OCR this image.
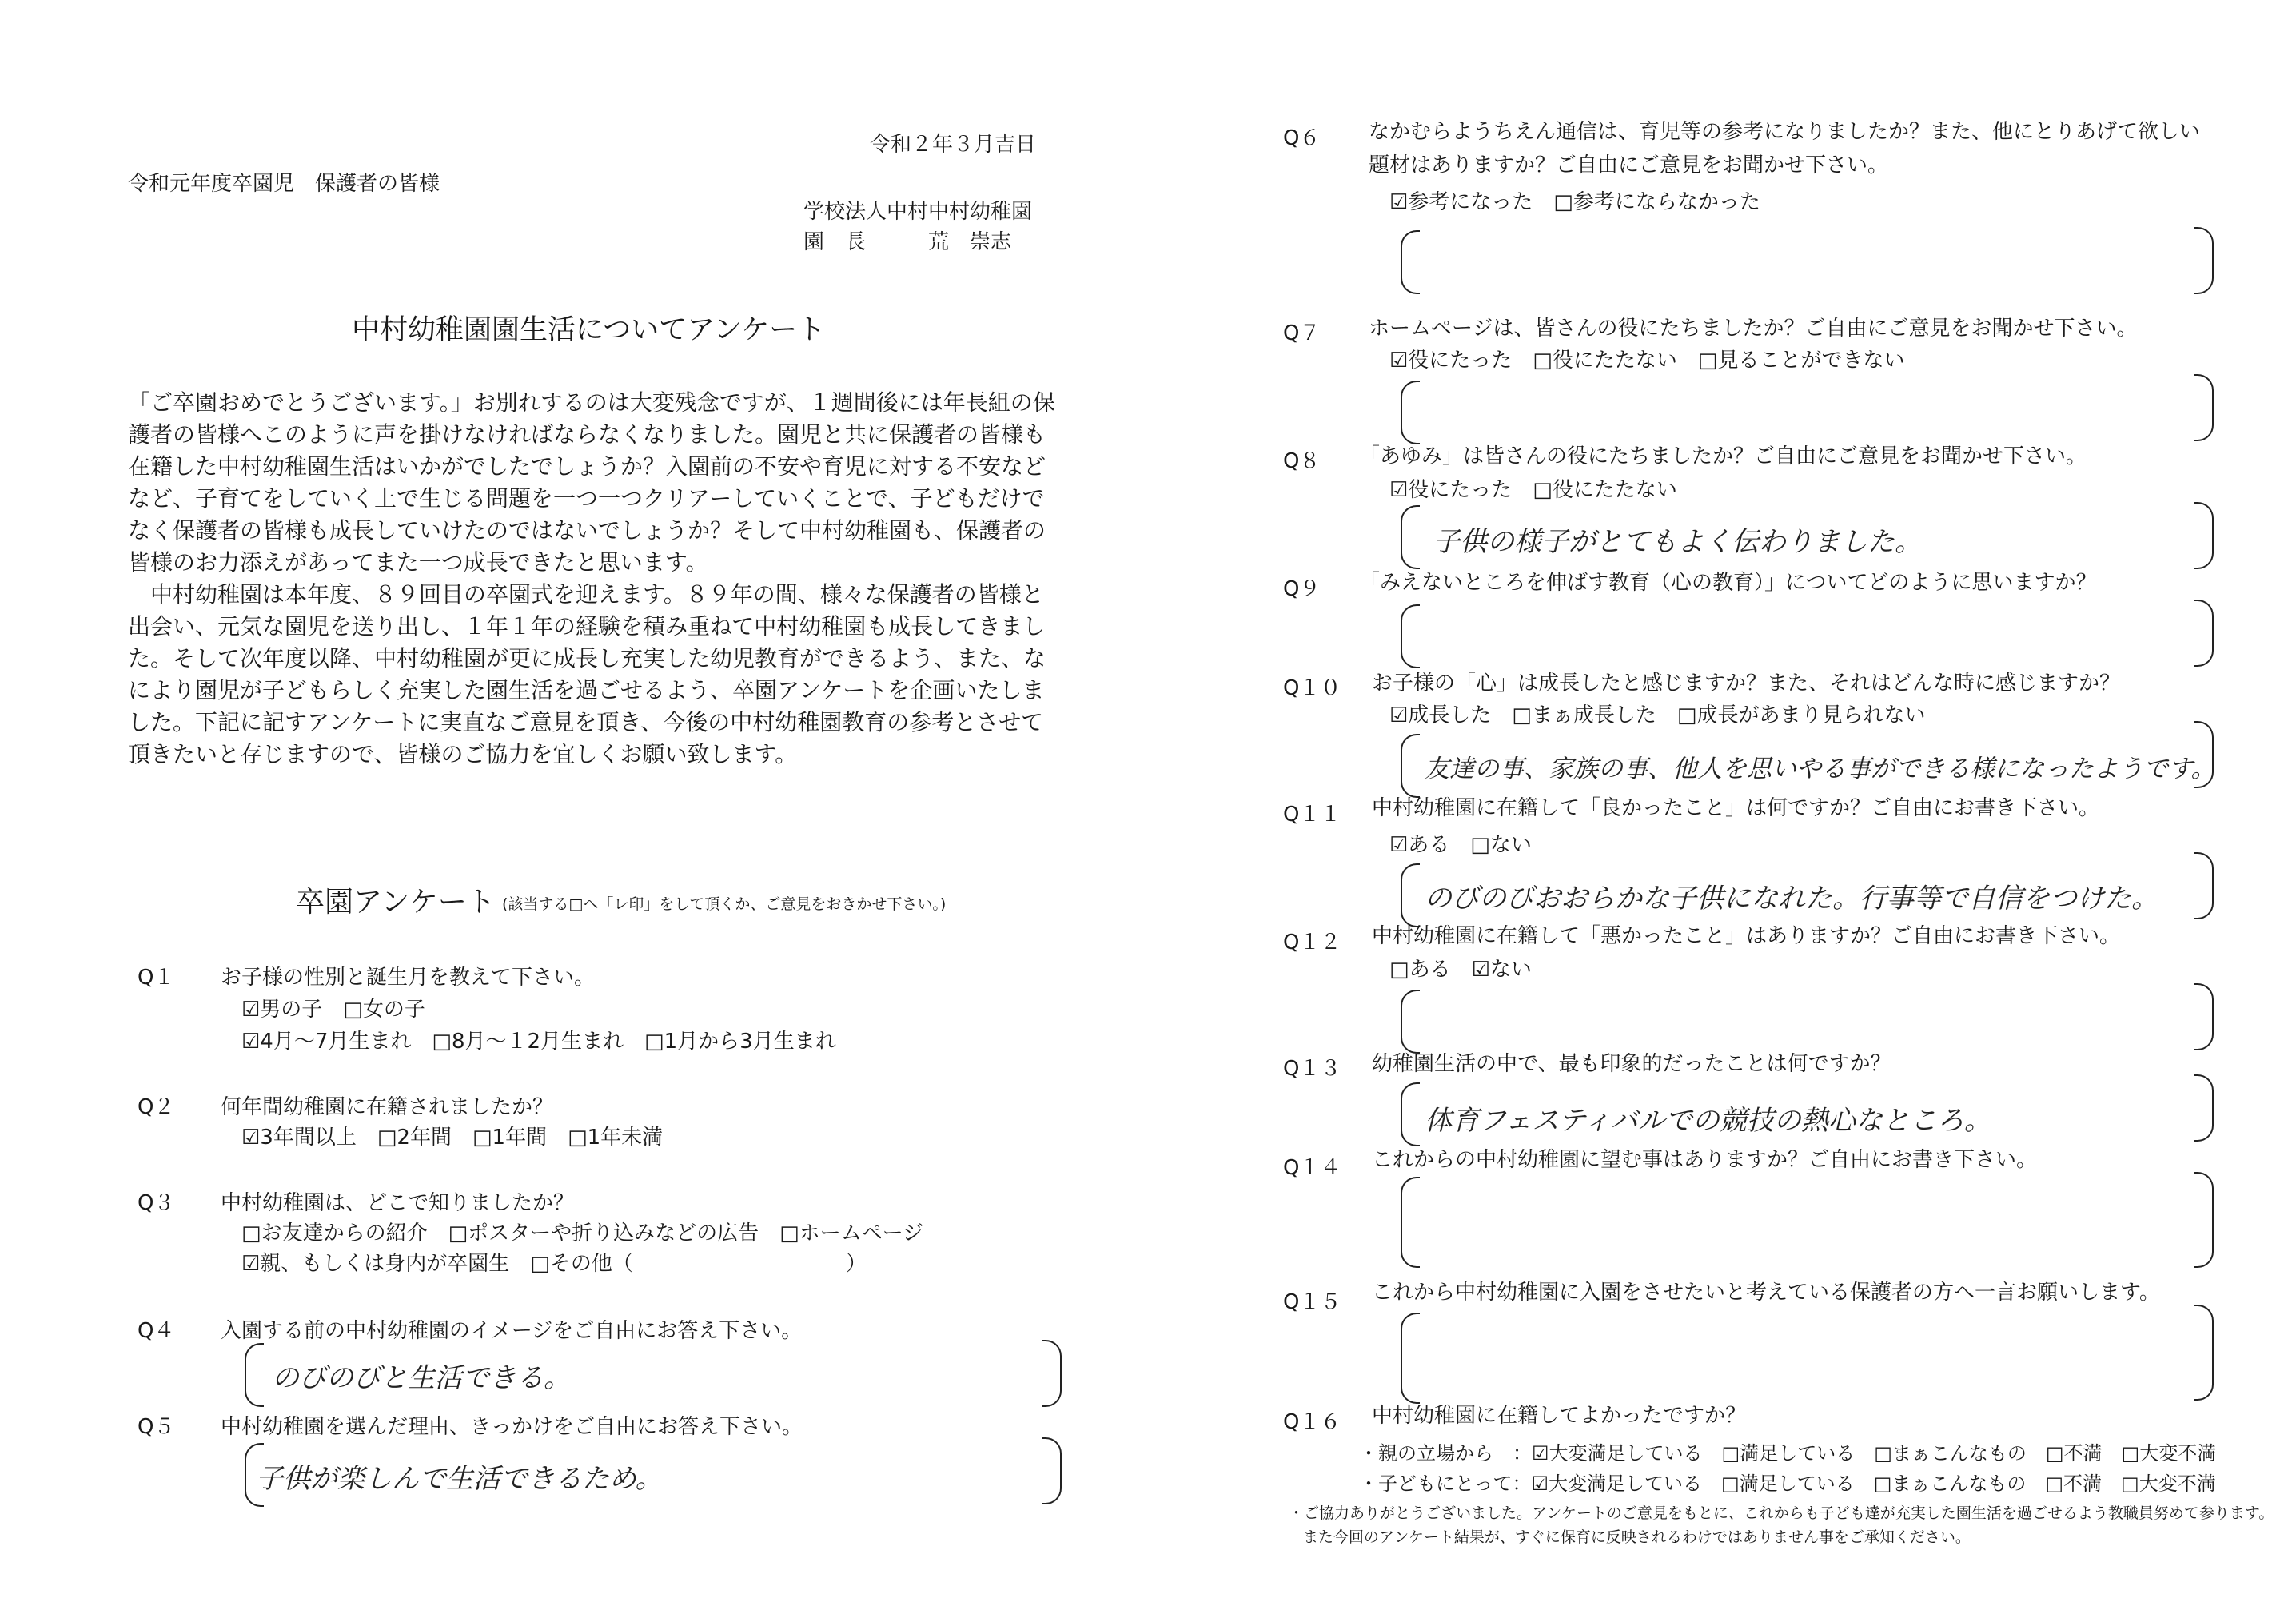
令和２年３月吉日
令和元年度卒園児　保護者の皆様
学校法人中村中村幼稚園
園　長　　　荒　崇志
中村幼稚園園生活についてアンケート

「ご卒園おめでとうございます。」お別れするのは大変残念ですが、１週間後には年長組の保護者の皆様へこのように声を掛けなければならなくなりました。園児と共に保護者の皆様も在籍した中村幼稚園生活はいかがでしたでしょうか？入園前の不安や育児に対する不安などなど、子育てをしていく上で生じる問題を一つ一つクリアーしていくことで、子どもだけでなく保護者の皆様も成長していけたのではないでしょうか？そして中村幼稚園も、保護者の皆様のお力添えがあってまた一つ成長できたと思います。

中村幼稚園は本年度、８９回目の卒園式を迎えます。８９年の間、様々な保護者の皆様と出会い、元気な園児を送り出し、１年１年の経験を積み重ねて中村幼稚園も成長してきました。そして次年度以降、中村幼稚園が更に成長し充実した幼児教育ができるよう、また、なにより園児が子どもらしく充実した園生活を過ごせるよう、卒園アンケートを企画いたしました。下記に記すアンケートに実直なご意見を頂き、今後の中村幼稚園教育の参考とさせて頂きたいと存じますので、皆様のご協力を宜しくお願い致します。

卒園アンケート (該当する□へ「レ印」をして頂くか、ご意見をおきかせ下さい。)
Q１ お子様の性別と誕生月を教えて下さい。
☑男の子　□女の子
☑4月～7月生まれ　□8月～１2月生まれ　□1月から3月生まれ
Q２ 何年間幼稚園に在籍されましたか？
☑3年間以上　□2年間　□1年間　□1年未満
Q３ 中村幼稚園は、どこで知りましたか？
□お友達からの紹介　□ポスターや折り込みなどの広告　□ホームページ
☑親、もしくは身内が卒園生　□その他（	）
Q４ 入園する前の中村幼稚園のイメージをご自由にお答え下さい。
のびのびと生活できる。
Q５ 中村幼稚園を選んだ理由、きっかけをご自由にお答え下さい。
子供が楽しんで生活できるため。
Q６ なかむらようちえん通信は、育児等の参考になりましたか？また、他にとりあげて欲しい
題材はありますか？ご自由にご意見をお聞かせ下さい。
☑参考になった　□参考にならなかった
Q７ ホームページは、皆さんの役にたちましたか？ご自由にご意見をお聞かせ下さい。
☑役にたった　□役にたたない　□見ることができない
Q８ 「あゆみ」は皆さんの役にたちましたか？ご自由にご意見をお聞かせ下さい。
☑役にたった　□役にたたない
子供の様子がとてもよく伝わりました。
Q９ 「みえないところを伸ばす教育（心の教育）」についてどのように思いますか？
Q１０ お子様の「心」は成長したと感じますか？また、それはどんな時に感じますか？
☑成長した　□まぁ成長した　□成長があまり見られない
友達の事、家族の事、他人を思いやる事ができる様になったようです。
Q１１ 中村幼稚園に在籍して「良かったこと」は何ですか？ご自由にお書き下さい。
☑ある　□ない
のびのびおおらかな子供になれた。行事等で自信をつけた。
Q１２ 中村幼稚園に在籍して「悪かったこと」はありますか？ご自由にお書き下さい。
□ある　☑ない
Q１３ 幼稚園生活の中で、最も印象的だったことは何ですか？
体育フェスティバルでの競技の熱心なところ。
Q１４ これからの中村幼稚園に望む事はありますか？ご自由にお書き下さい。
Q１５ これから中村幼稚園に入園をさせたいと考えている保護者の方へ一言お願いします。
Q１６ 中村幼稚園に在籍してよかったですか？
・親の立場から　：☑大変満足している　□満足している　□まぁこんなもの　□不満　□大変不満
・子どもにとって：☑大変満足している　□満足している　□まぁこんなもの　□不満　□大変不満
・ご協力ありがとうございました。アンケートのご意見をもとに、これからも子ども達が充実した園生活を過ごせるよう教職員努めて参ります。
また今回のアンケート結果が、すぐに保育に反映されるわけではありません事をご承知ください。
